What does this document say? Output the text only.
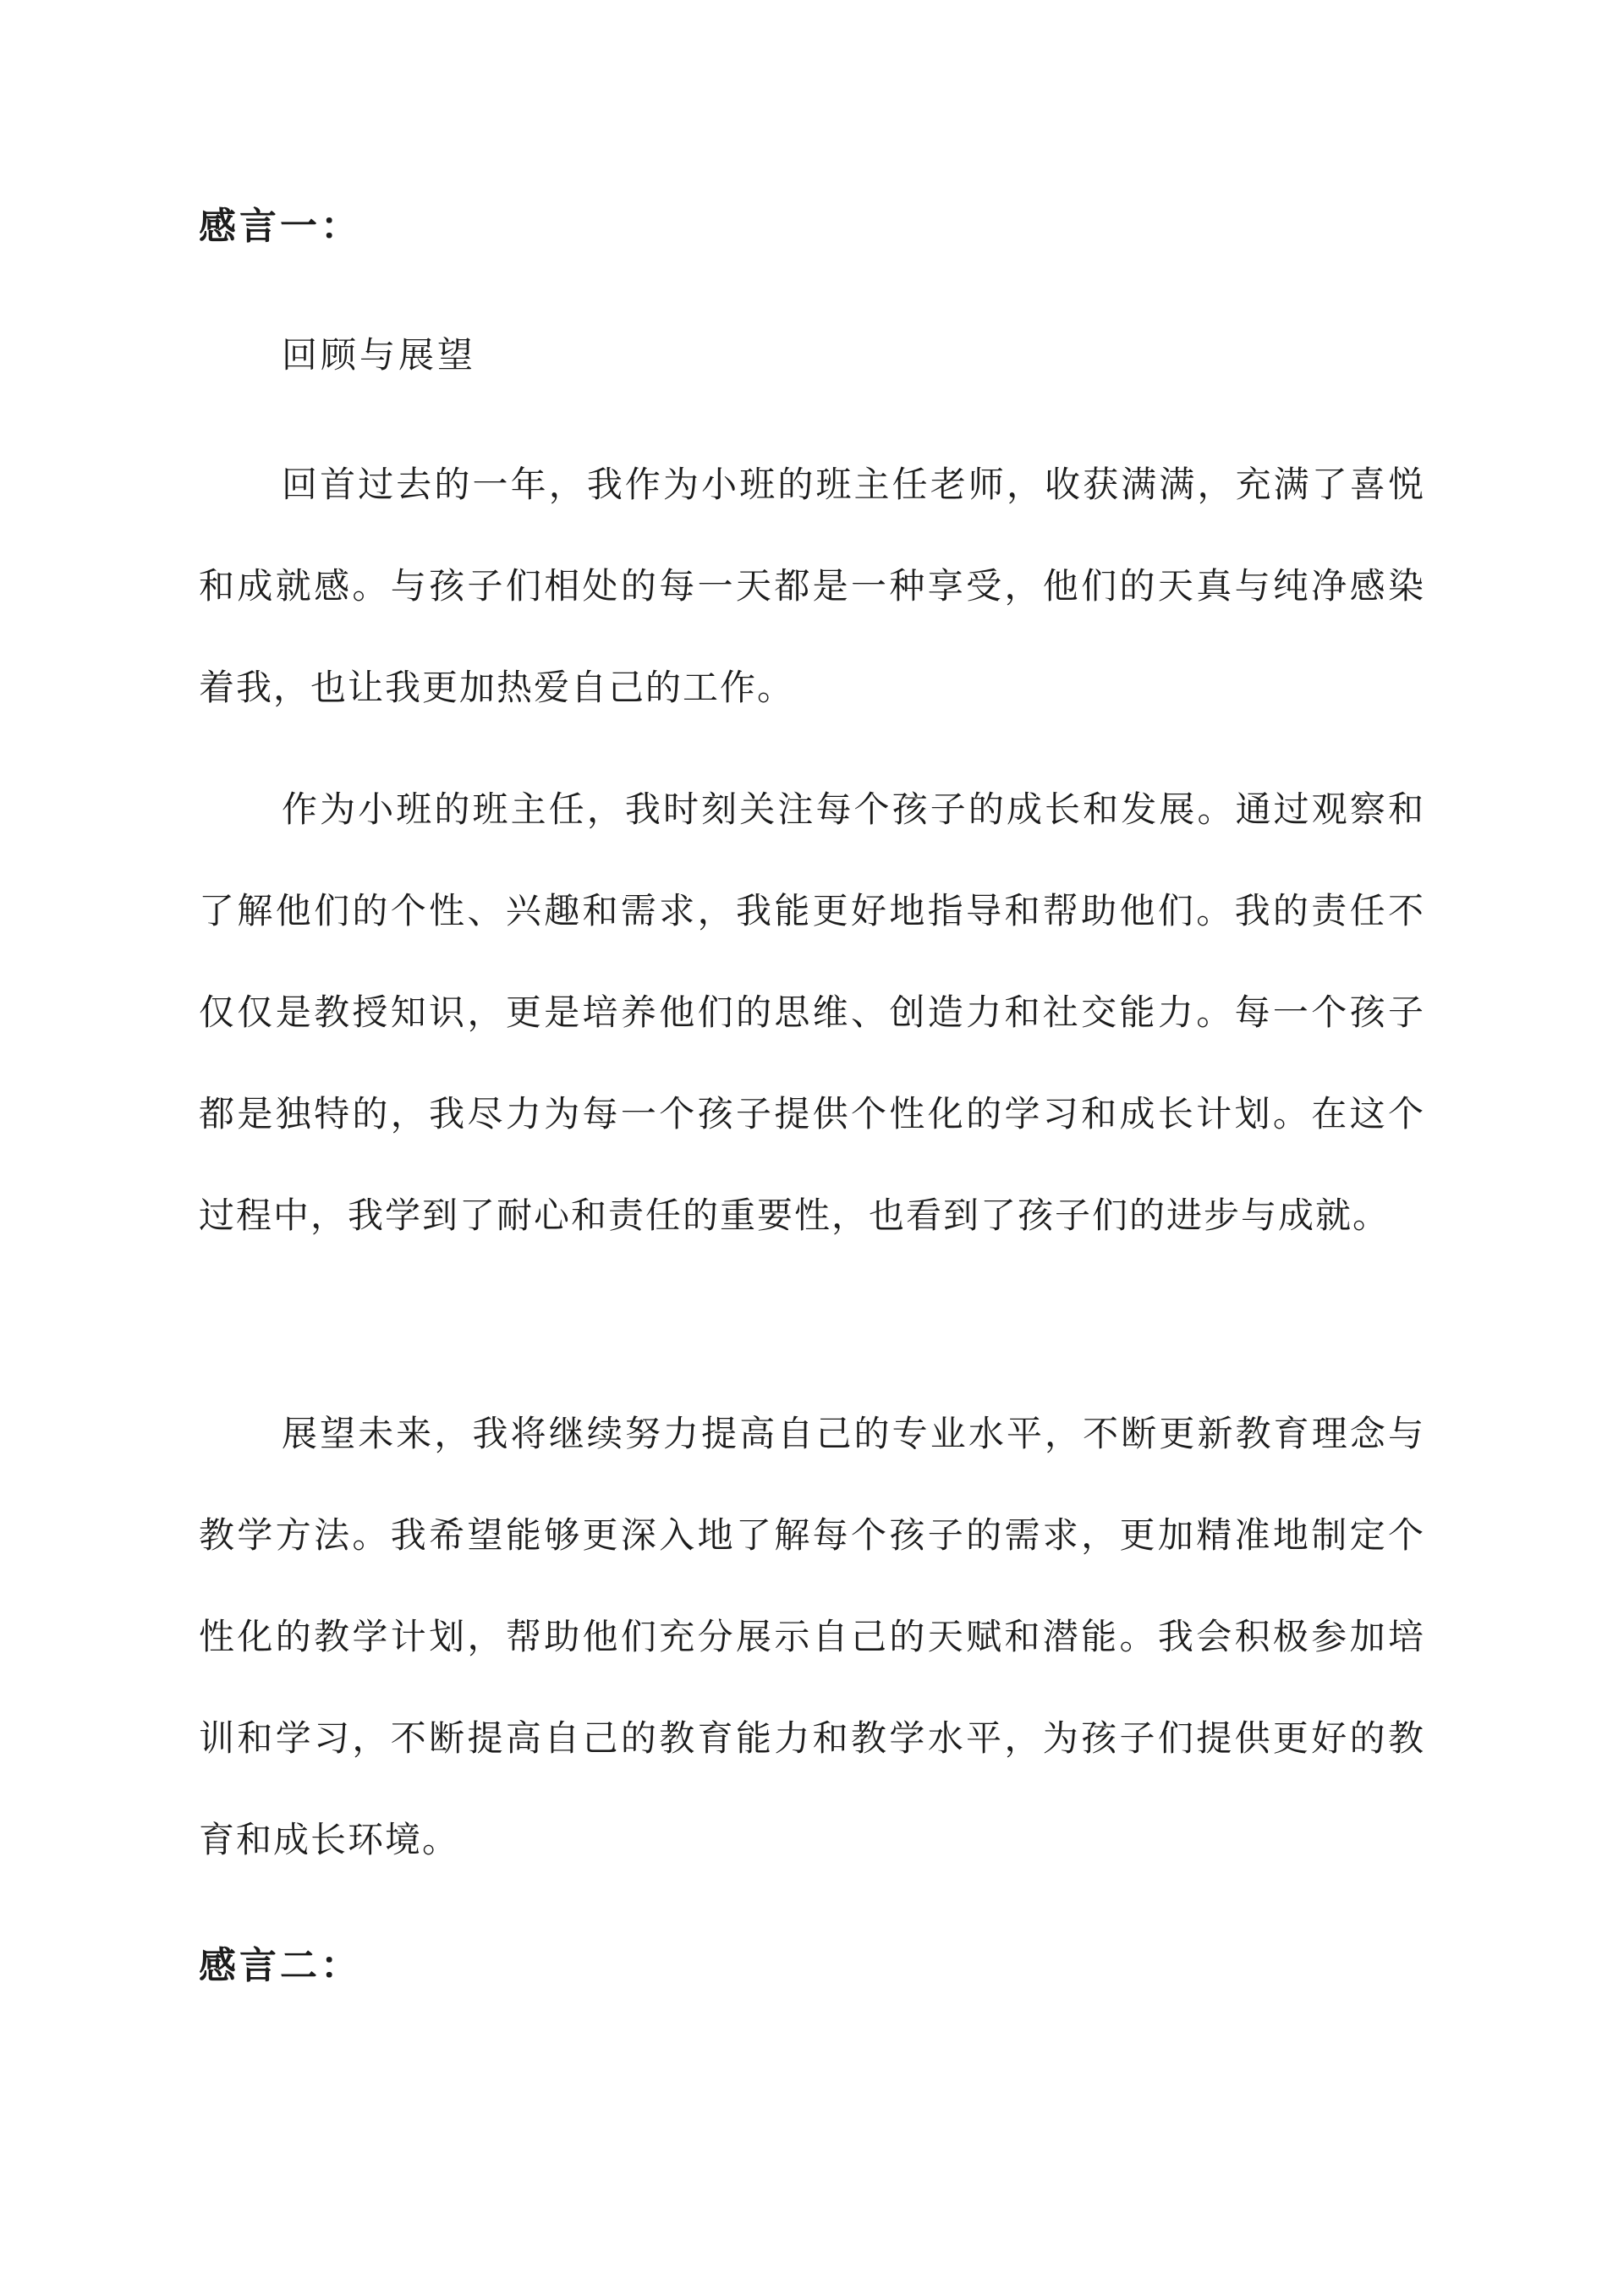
感言一：
回顾与展望

回首过去的一年，我作为小班的班主任老师，收获满满，充满了喜悦和成就感。与孩子们相处的每一天都是一种享受，他们的天真与纯净感染着我，也让我更加热爱自己的工作。

作为小班的班主任，我时刻关注每个孩子的成长和发展。通过观察和了解他们的个性、兴趣和需求，我能更好地指导和帮助他们。我的责任不仅仅是教授知识，更是培养他们的思维、创造力和社交能力。每一个孩子都是独特的，我尽力为每一个孩子提供个性化的学习和成长计划。在这个过程中，我学到了耐心和责任的重要性，也看到了孩子们的进步与成就。

展望未来，我将继续努力提高自己的专业水平，不断更新教育理念与教学方法。我希望能够更深入地了解每个孩子的需求，更加精准地制定个性化的教学计划，帮助他们充分展示自己的天赋和潜能。我会积极参加培训和学习，不断提高自己的教育能力和教学水平，为孩子们提供更好的教育和成长环境。

感言二：
